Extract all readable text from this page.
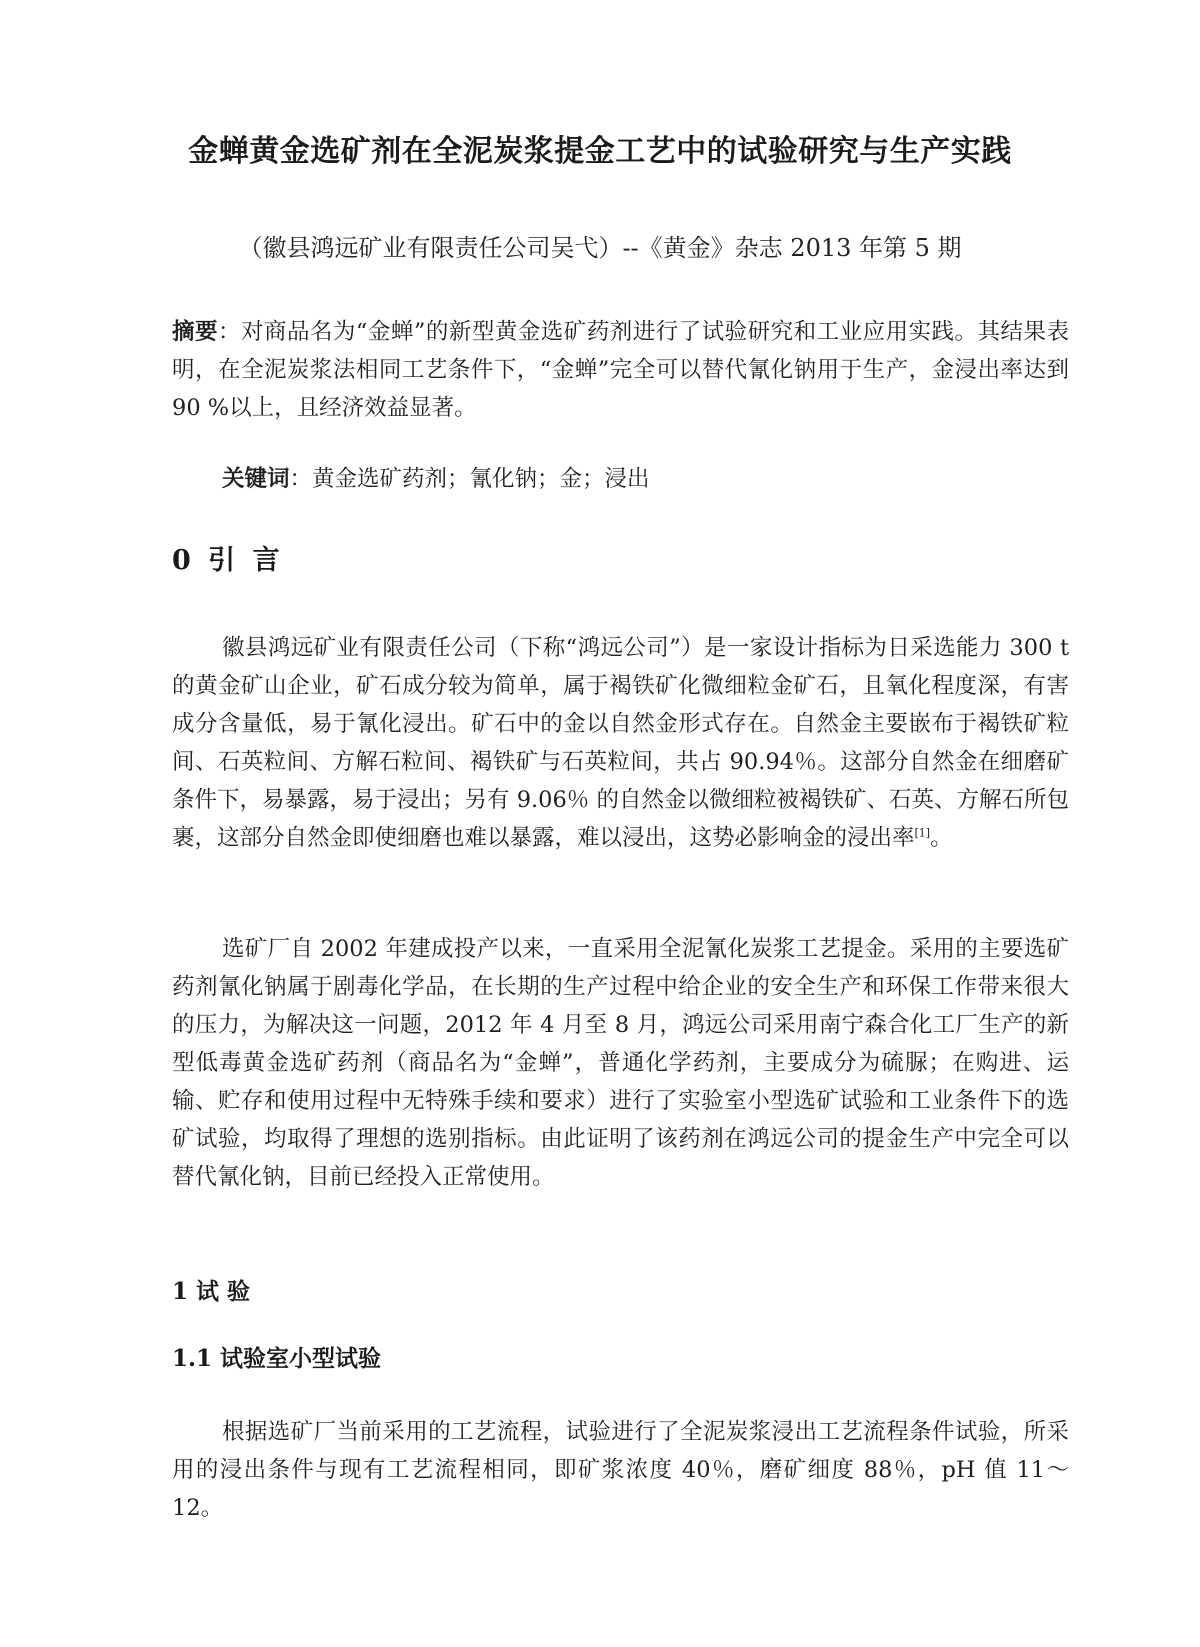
金蝉黄金选矿剂在全泥炭浆提金工艺中的试验研究与生产实践

（徽县鸿远矿业有限责任公司吴弋）--《黄金》杂志 2013 年第 5 期

摘要：对商品名为“金蝉”的新型黄金选矿药剂进行了试验研究和工业应用实践。其结果表明，在全泥炭浆法相同工艺条件下，“金蝉”完全可以替代氰化钠用于生产，金浸出率达到 90 %以上，且经济效益显著。

关键词：黄金选矿药剂；氰化钠；金；浸出

0 引 言

徽县鸿远矿业有限责任公司（下称“鸿远公司”）是一家设计指标为日采选能力 300 t 的黄金矿山企业，矿石成分较为简单，属于褐铁矿化微细粒金矿石，且氧化程度深，有害成分含量低，易于氰化浸出。矿石中的金以自然金形式存在。自然金主要嵌布于褐铁矿粒间、石英粒间、方解石粒间、褐铁矿与石英粒间，共占 90.94％。这部分自然金在细磨矿条件下，易暴露，易于浸出；另有 9.06％ 的自然金以微细粒被褐铁矿、石英、方解石所包裹，这部分自然金即使细磨也难以暴露，难以浸出，这势必影响金的浸出率[1]。

选矿厂自 2002 年建成投产以来，一直采用全泥氰化炭浆工艺提金。采用的主要选矿药剂氰化钠属于剧毒化学品，在长期的生产过程中给企业的安全生产和环保工作带来很大的压力，为解决这一问题，2012 年 4 月至 8 月，鸿远公司采用南宁森合化工厂生产的新型低毒黄金选矿药剂（商品名为“金蝉”，普通化学药剂，主要成分为硫脲；在购进、运输、贮存和使用过程中无特殊手续和要求）进行了实验室小型选矿试验和工业条件下的选矿试验，均取得了理想的选别指标。由此证明了该药剂在鸿远公司的提金生产中完全可以替代氰化钠，目前已经投入正常使用。

1 试 验
1.1 试验室小型试验

根据选矿厂当前采用的工艺流程，试验进行了全泥炭浆浸出工艺流程条件试验，所采用的浸出条件与现有工艺流程相同，即矿浆浓度 40％，磨矿细度 88％，pH 值 11～12。
